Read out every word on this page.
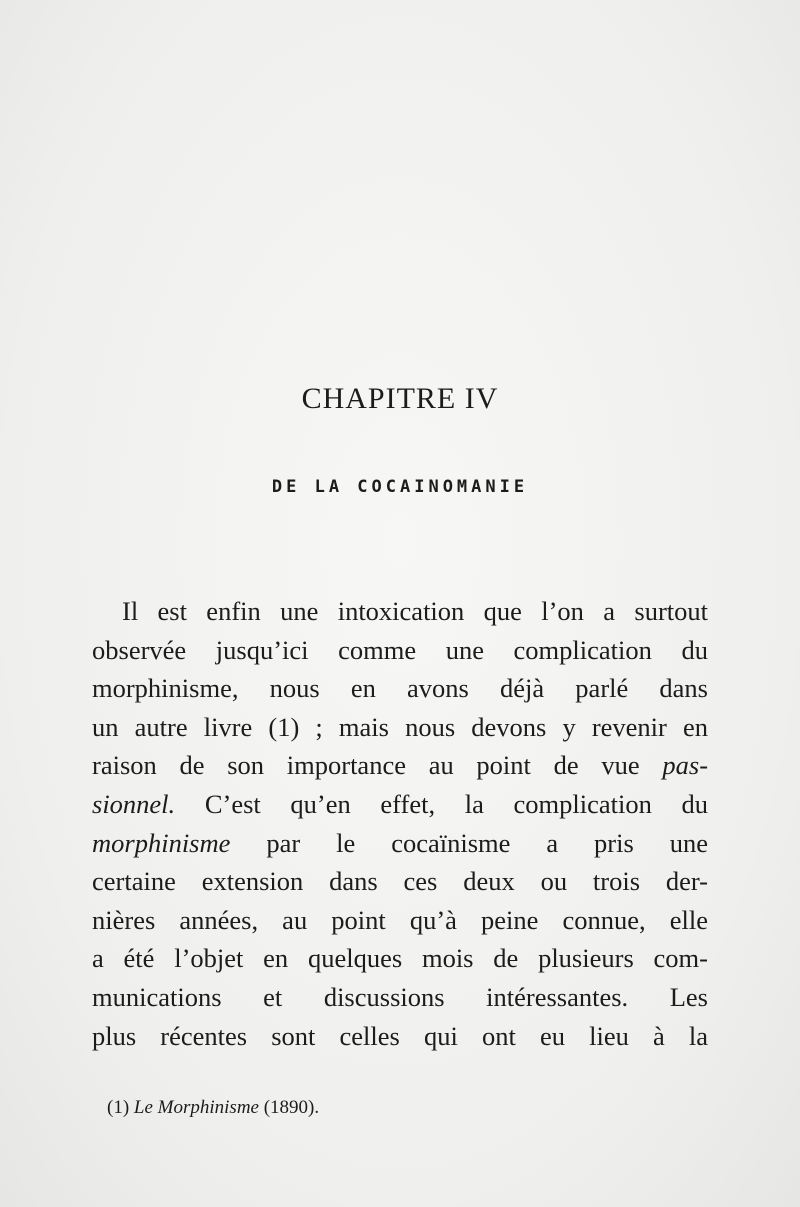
CHAPITRE IV
DE LA COCAINOMANIE
Il est enfin une intoxication que l’on a surtout
observée jusqu’ici comme une complication du
morphinisme, nous en avons déjà parlé dans
un autre livre (1) ; mais nous devons y revenir en
raison de son importance au point de vue pas-
sionnel. C’est qu’en effet, la complication du
morphinisme par le cocaïnisme a pris une
certaine extension dans ces deux ou trois der-
nières années, au point qu’à peine connue, elle
a été l’objet en quelques mois de plusieurs com-
munications et discussions intéressantes. Les
plus récentes sont celles qui ont eu lieu à la
(1) Le Morphinisme (1890).
